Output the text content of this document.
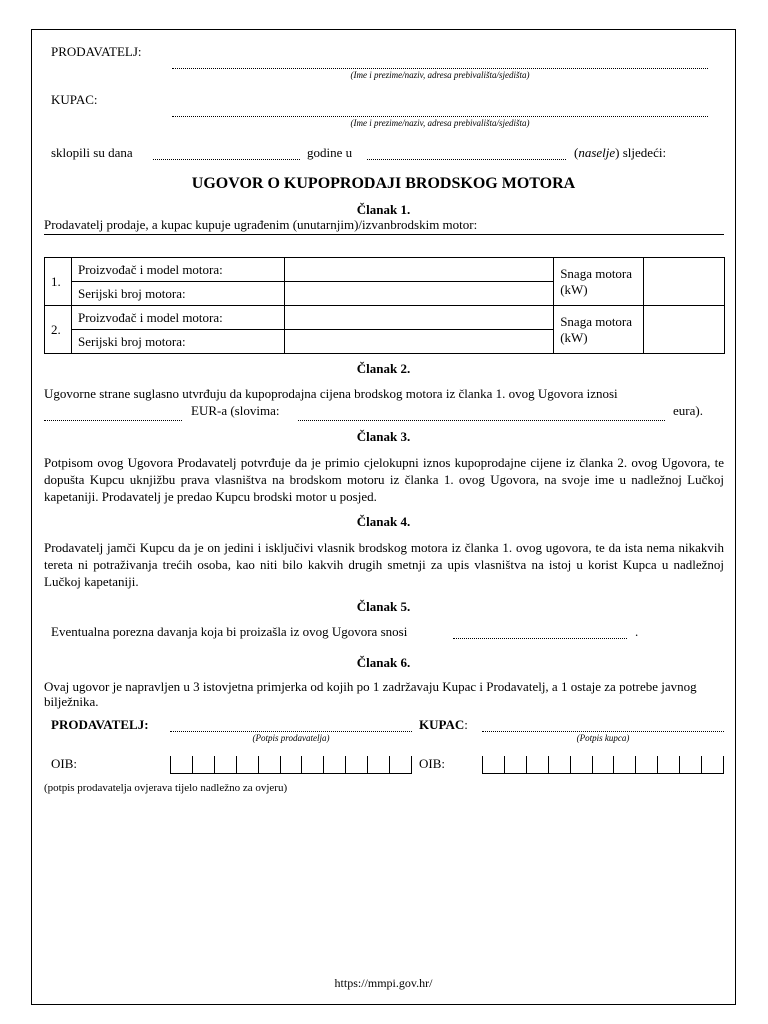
PRODAVATELJ:
(Ime i prezime/naziv, adresa prebivališta/sjedišta)
KUPAC:
(Ime i prezime/naziv, adresa prebivališta/sjedišta)
sklopili su dana	godine u	(naselje) sljedeći:
UGOVOR O KUPOPRODAJI BRODSKOG MOTORA
Članak 1.
Prodavatelj prodaje, a kupac kupuje ugrađenim (unutarnjim)/izvanbrodskim motor:
1.	Proizvođač i model motora:		Snaga motora (kW)	
	Serijski broj motora:			
2.	Proizvođač i model motora:		Snaga motora (kW)	
	Serijski broj motora:			
Članak 2.
Ugovorne strane suglasno utvrđuju da kupoprodajna cijena brodskog motora iz članka 1. ovog Ugovora iznosi
EUR-a (slovima:	eura).
Članak 3.
Potpisom ovog Ugovora Prodavatelj potvrđuje da je primio cjelokupni iznos kupoprodajne cijene iz članka 2. ovog Ugovora, te dopušta Kupcu uknjižbu prava vlasništva na brodskom motoru iz članka 1. ovog Ugovora, na svoje ime u nadležnoj Lučkoj kapetaniji. Prodavatelj je predao Kupcu brodski motor u posjed.
Članak 4.
Prodavatelj jamči Kupcu da je on jedini i isključivi vlasnik brodskog motora iz članka 1. ovog ugovora, te da ista nema nikakvih tereta ni potraživanja trećih osoba, kao niti bilo kakvih drugih smetnji za upis vlasništva na istoj u korist Kupca u nadležnoj Lučkoj kapetaniji.
Članak 5.
Eventualna porezna davanja koja bi proizašla iz ovog Ugovora snosi	.
Članak 6.
Ovaj ugovor je napravljen u 3 istovjetna primjerka od kojih po 1 zadržavaju Kupac i Prodavatelj, a 1 ostaje za potrebe javnog bilježnika.
PRODAVATELJ:
(Potpis prodavatelja)
KUPAC:
(Potpis kupca)
OIB:	OIB:
(potpis prodavatelja ovjerava tijelo nadležno za ovjeru)
https://mmpi.gov.hr/
